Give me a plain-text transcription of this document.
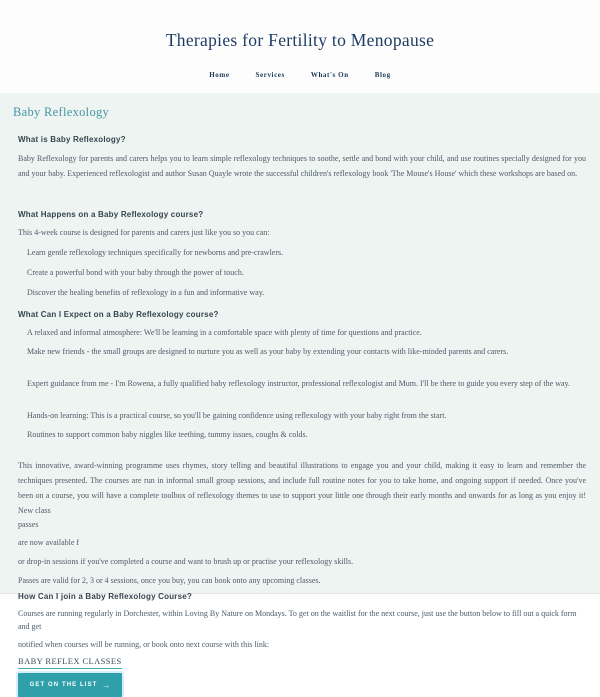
Therapies for Fertility to Menopause
Home	Services	What's On	Blog
Baby Reflexology
What is Baby Reflexology?

Baby Reflexology for parents and carers helps you to learn simple reflexology techniques to soothe, settle and bond with your child, and use routines specially designed for you and your baby. Experienced reflexologist and author Susan Quayle wrote the successful children's reflexology book 'The Mouse's House' which these workshops are based on.

What Happens on a Baby Reflexology course?

This 4-week course is designed for parents and carers just like you so you can:

Learn gentle reflexology techniques specifically for newborns and pre-crawlers.

Create a powerful bond with your baby through the power of touch.

Discover the healing benefits of reflexology in a fun and informative way.

What Can I Expect on a Baby Reflexology course?

A relaxed and informal atmosphere: We'll be learning in a comfortable space with plenty of time for questions and practice.

Make new friends - the small groups are designed to nurture you as well as your baby by extending your contacts with like-minded parents and carers.

Expert guidance from me - I'm Rowena, a fully qualified baby reflexology instructor, professional reflexologist and Mum. I'll be there to guide you every step of the way.

Hands-on learning: This is a practical course, so you'll be gaining confidence using reflexology with your baby right from the start.

Routines to support common baby niggles like teething, tummy issues, coughs & colds.

This innovative, award-winning programme uses rhymes, story telling and beautiful illustrations to engage you and your child, making it easy to learn and remember the techniques presented. The courses are run in informal small group sessions, and include full routine notes for you to take home, and ongoing support if needed. Once you've been on a course, you will have a complete toolbox of reflexology themes to use to support your little one through their early months and onwards for as long as you enjoy it! New class

passes

are now available f

or drop-in sessions if you've completed a course and want to brush up or practise your reflexology skills.

Passes are valid for 2, 3 or 4 sessions, once you buy, you can book onto any upcoming classes.

How Can I join a Baby Reflexology Course?

Courses are running regularly in Dorchester, within Loving By Nature on Mondays. To get on the waitlist for the next course, just use the button below to fill out a quick form and get

notified when courses will be running, or book onto next course with this link:

BABY REFLEX CLASSES

GET ON THE LIST →
